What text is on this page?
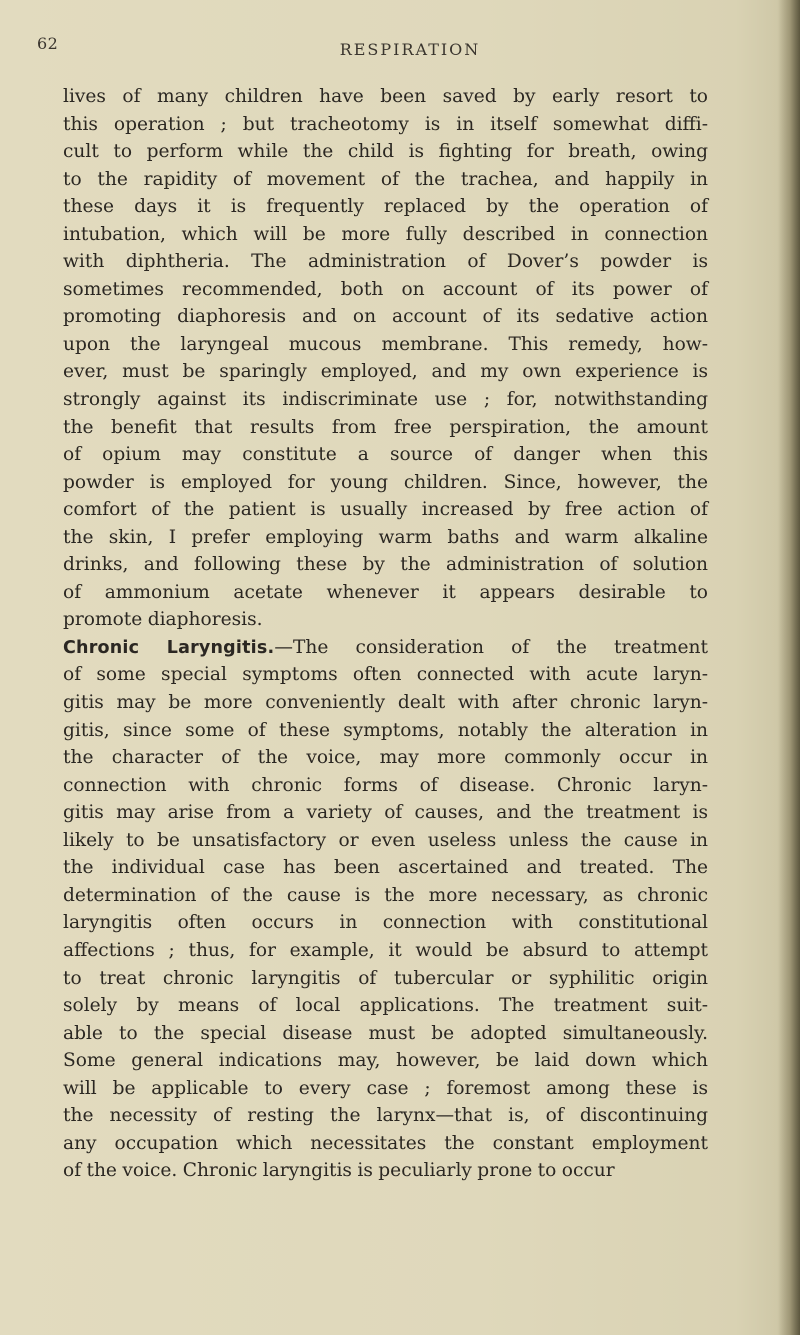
62	RESPIRATION
lives of many children have been saved by early resort to
this operation ; but tracheotomy is in itself somewhat diffi-
cult to perform while the child is fighting for breath, owing
to the rapidity of movement of the trachea, and happily in
these days it is frequently replaced by the operation of
intubation, which will be more fully described in connection
with diphtheria. The administration of Dover’s powder is
sometimes recommended, both on account of its power of
promoting diaphoresis and on account of its sedative action
upon the laryngeal mucous membrane. This remedy, how-
ever, must be sparingly employed, and my own experience is
strongly against its indiscriminate use ; for, notwithstanding
the benefit that results from free perspiration, the amount
of opium may constitute a source of danger when this
powder is employed for young children. Since, however, the
comfort of the patient is usually increased by free action of
the skin, I prefer employing warm baths and warm alkaline
drinks, and following these by the administration of solution
of ammonium acetate whenever it appears desirable to
promote diaphoresis.
Chronic Laryngitis.—The consideration of the treatment
of some special symptoms often connected with acute laryn-
gitis may be more conveniently dealt with after chronic laryn-
gitis, since some of these symptoms, notably the alteration in
the character of the voice, may more commonly occur in
connection with chronic forms of disease. Chronic laryn-
gitis may arise from a variety of causes, and the treatment is
likely to be unsatisfactory or even useless unless the cause in
the individual case has been ascertained and treated. The
determination of the cause is the more necessary, as chronic
laryngitis often occurs in connection with constitutional
affections ; thus, for example, it would be absurd to attempt
to treat chronic laryngitis of tubercular or syphilitic origin
solely by means of local applications. The treatment suit-
able to the special disease must be adopted simultaneously.
Some general indications may, however, be laid down which
will be applicable to every case ; foremost among these is
the necessity of resting the larynx—that is, of discontinuing
any occupation which necessitates the constant employment
of the voice. Chronic laryngitis is peculiarly prone to occur
